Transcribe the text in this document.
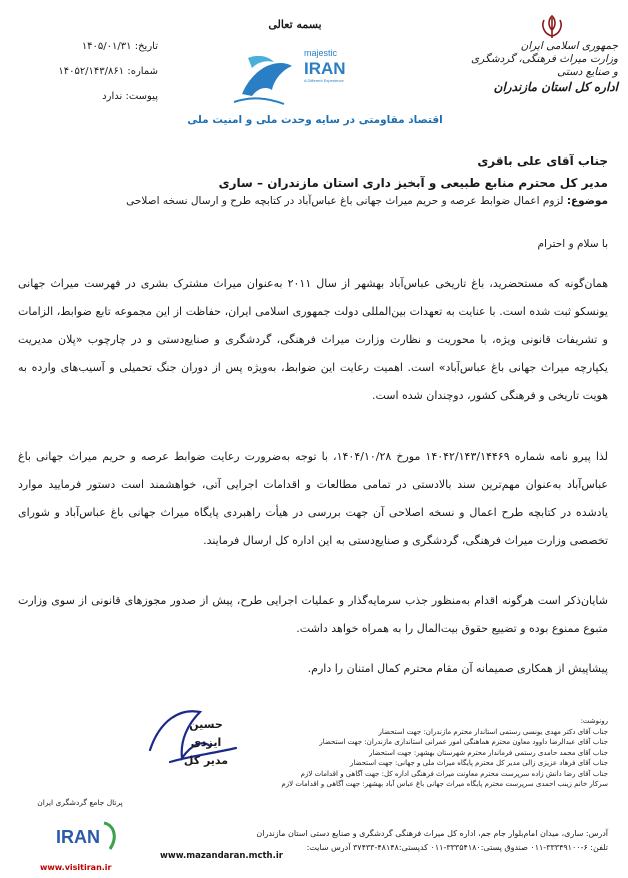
جمهوری اسلامی ایران
وزارت میراث فرهنگی، گردشگری و صنایع دستی
اداره کل استان مازندران
بسمه تعالی
majestic
IRAN
A Different Experience
اقتصاد مقاومتی در سایه وحدت ملی و امنیت ملی
تاریخ: ۱۴۰۵/۰۱/۳۱
شماره: ۱۴۰۵۲/۱۴۳/۸۶۱
پیوست: ندارد
جناب آقای علی باقری
مدیر کل محترم منابع طبیعی و آبخیز داری استان مازندران – ساری
موضوع: لزوم اعمال ضوابط عرصه و حریم میراث جهانی باغ عباس‌آباد در کتابچه طرح و ارسال نسخه اصلاحی
با سلام و احترام
همان‌گونه که مستحضرید، باغ تاریخی عباس‌آباد بهشهر از سال ۲۰۱۱ به‌عنوان میراث مشترک بشری در فهرست میراث جهانی یونسکو ثبت شده است. با عنایت به تعهدات بین‌المللی دولت جمهوری اسلامی ایران، حفاظت از این مجموعه تابع ضوابط، الزامات و تشریفات قانونی ویژه، با محوریت و نظارت وزارت میراث فرهنگی، گردشگری و صنایع‌دستی و در چارچوب «پلان مدیریت یکپارچه میراث جهانی باغ عباس‌آباد» است. اهمیت رعایت این ضوابط، به‌ویژه پس از دوران جنگ تحمیلی و آسیب‌های وارده به هویت تاریخی و فرهنگی کشور، دوچندان شده است.
لذا پیرو نامه شماره ۱۴۰۴۲/۱۴۳/۱۴۴۶۹ مورخ ۱۴۰۴/۱۰/۲۸، با توجه به‌ضرورت رعایت ضوابط عرصه و حریم میراث جهانی باغ عباس‌آباد به‌عنوان مهم‌ترین سند بالادستی در تمامی مطالعات و اقدامات اجرایی آتی، خواهشمند است دستور فرمایید موارد یادشده در کتابچه طرح اعمال و نسخه اصلاحی آن جهت بررسی در هیأت راهبردی پایگاه میراث جهانی باغ عباس‌آباد و شورای تخصصی وزارت میراث فرهنگی، گردشگری و صنایع‌دستی به این اداره کل ارسال فرمایند.
شایان‌ذکر است هرگونه اقدام به‌منظور جذب سرمایه‌گذار و عملیات اجرایی طرح، پیش از صدور مجوزهای قانونی از سوی وزارت متبوع ممنوع بوده و تضییع حقوق بیت‌المال را به همراه خواهد داشت.
پیشاپیش از همکاری صمیمانه آن مقام محترم کمال امتنان را دارم.
حسین ایزدی
مدیر کل
رونوشت:
جناب آقای دکتر مهدی یونسی رستمی استاندار محترم مازندران: جهت استحضار
جناب آقای عبدالرضا داوود معاون محترم هماهنگی امور عمرانی استانداری مازندران: جهت استحضار
جناب آقای محمد حامدی رستمی فرماندار محترم شهرستان بهشهر: جهت استحضار
جناب آقای فرهاد عزیزی زالی مدیر کل محترم پایگاه میراث ملی و جهانی: جهت استحضار
جناب آقای رضا دانش زاده سرپرست محترم معاونت میراث فرهنگی اداره کل: جهت آگاهی و اقدامات لازم
سرکار خانم زینب احمدی سرپرست محترم پایگاه میراث جهانی باغ عباس آباد بهشهر: جهت آگاهی و اقدامات لازم
آدرس: ساری، میدان امام‌بلوار جام جم، اداره کل میراث فرهنگی گردشگری و صنایع دستی استان مازندران
تلفن: ۶-۳۳۳۴۹۱۰۰-۰۱۱ صندوق پستی:۳۳۳۵۴۱۸۰-۰۱۱ کدپستی:۴۸۱۴۸-۳۷۴۳۳ آدرس سایت:
www.mazandaran.mcth.ir
پرتال جامع گردشگری ایران
IRAN
www.visitiran.ir
